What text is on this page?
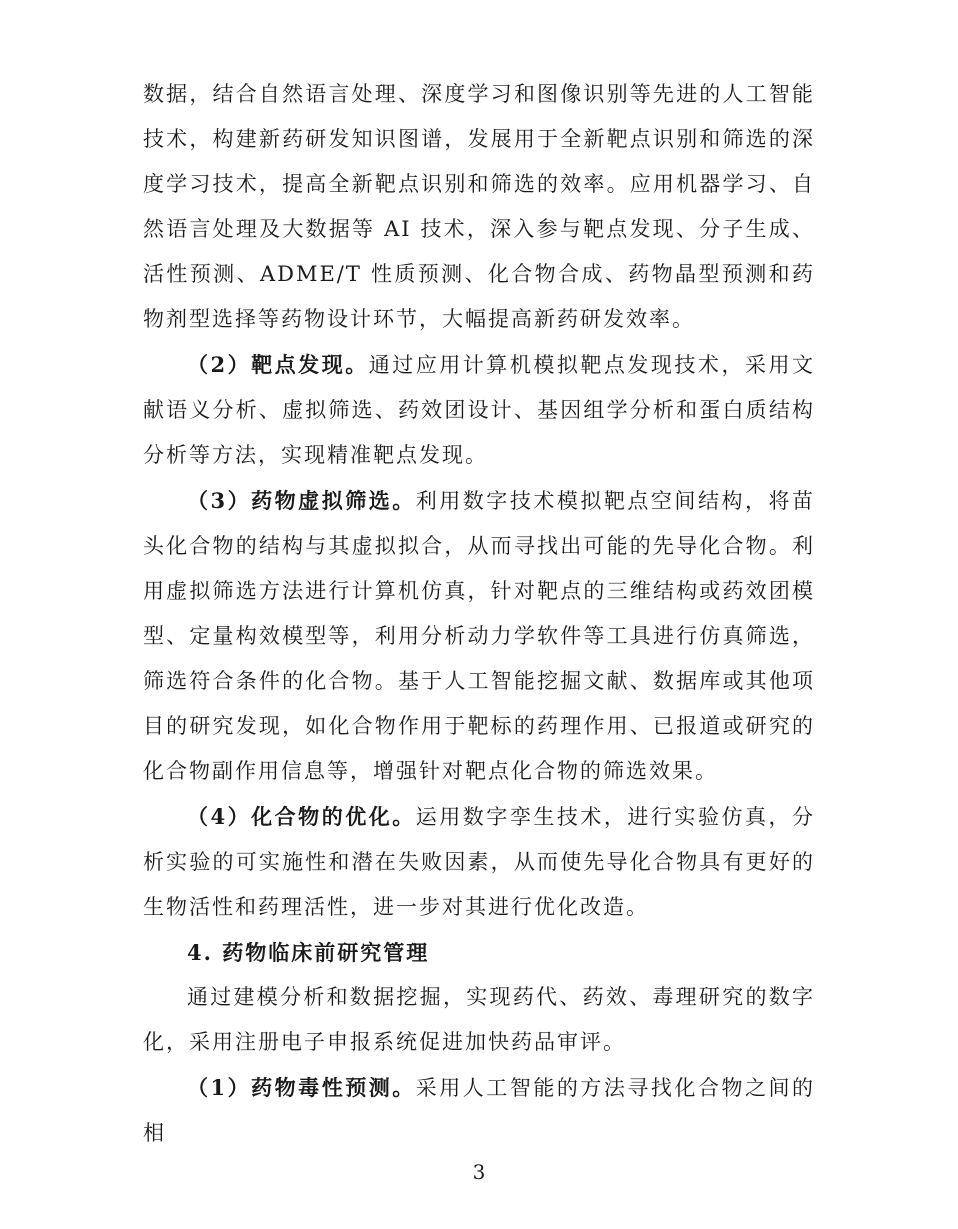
数据，结合自然语言处理、深度学习和图像识别等先进的人工智能技术，构建新药研发知识图谱，发展用于全新靶点识别和筛选的深度学习技术，提高全新靶点识别和筛选的效率。应用机器学习、自然语言处理及大数据等 AI 技术，深入参与靶点发现、分子生成、活性预测、ADME/T 性质预测、化合物合成、药物晶型预测和药物剂型选择等药物设计环节，大幅提高新药研发效率。

（2）靶点发现。通过应用计算机模拟靶点发现技术，采用文献语义分析、虚拟筛选、药效团设计、基因组学分析和蛋白质结构分析等方法，实现精准靶点发现。

（3）药物虚拟筛选。利用数字技术模拟靶点空间结构，将苗头化合物的结构与其虚拟拟合，从而寻找出可能的先导化合物。利用虚拟筛选方法进行计算机仿真，针对靶点的三维结构或药效团模型、定量构效模型等，利用分析动力学软件等工具进行仿真筛选，筛选符合条件的化合物。基于人工智能挖掘文献、数据库或其他项目的研究发现，如化合物作用于靶标的药理作用、已报道或研究的化合物副作用信息等，增强针对靶点化合物的筛选效果。

（4）化合物的优化。运用数字孪生技术，进行实验仿真，分析实验的可实施性和潜在失败因素，从而使先导化合物具有更好的生物活性和药理活性，进一步对其进行优化改造。

4. 药物临床前研究管理

通过建模分析和数据挖掘，实现药代、药效、毒理研究的数字化，采用注册电子申报系统促进加快药品审评。

（1）药物毒性预测。采用人工智能的方法寻找化合物之间的相

3
